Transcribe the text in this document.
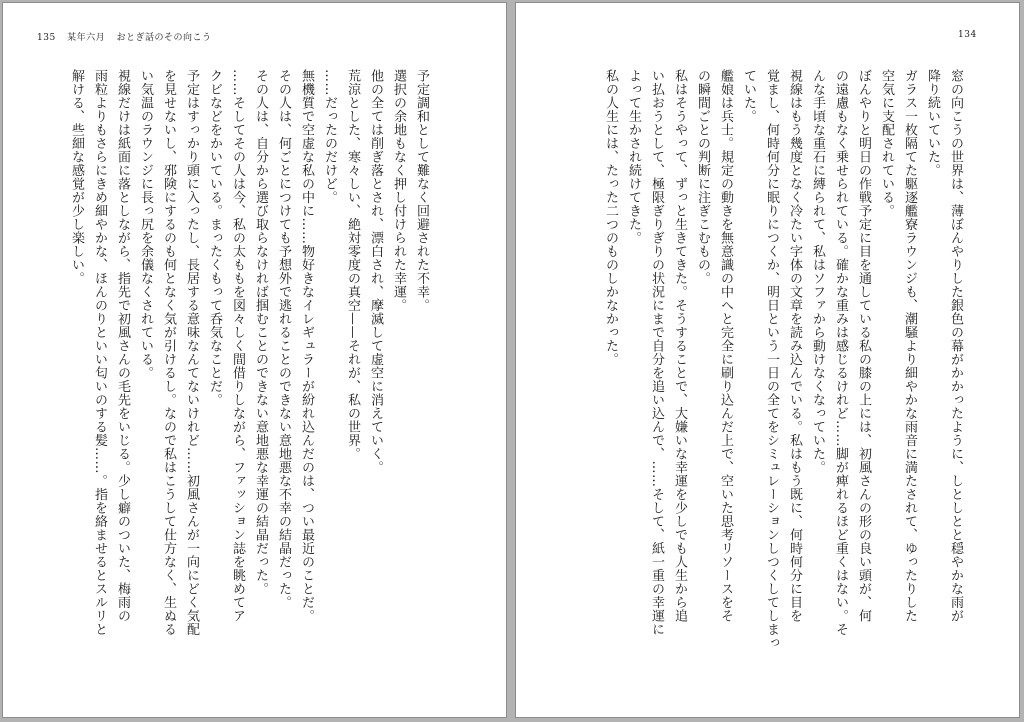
135 某年六月 おとぎ話のその向こう
予定調和として難なく回避された不幸。
選択の余地もなく押し付けられた幸運。
他の全ては削ぎ落とされ、漂白され、摩滅して虚空に消えていく。
荒涼とした、寒々しい、絶対零度の真空——それが、私の世界。
……だったのだけど。
無機質で空虚な私の中に……物好きなイレギュラーが紛れ込んだのは、つい最近のことだ。
その人は、何ごとにつけても予想外で逃れることのできない意地悪な不幸の結晶だった。
その人は、自分から選び取らなければ掴むことのできない意地悪な幸運の結晶だった。
……そしてその人は今、私の太ももを図々しく間借りしながら、ファッション誌を眺めてア
クビなどをかいている。まったくもって呑気なことだ。
予定はすっかり頭に入ったし、長居する意味なんてないけれど……初風さんが一向にどく気配
を見せないし、邪険にするのも何となく気が引けるし。なので私はこうして仕方なく、生ぬる
い気温のラウンジに長っ尻を余儀なくされている。
視線だけは紙面に落としながら、指先で初風さんの毛先をいじる。少し癖のついた、梅雨の
雨粒よりもさらにきめ細やかな、ほんのりといい匂いのする髪……。指を絡ませるとスルリと
解ける、些細な感覚が少し楽しい。
134
窓の向こうの世界は、薄ぼんやりした銀色の幕がかかったように、しとしとと穏やかな雨が
降り続いていた。
ガラス一枚隔てた駆逐艦寮ラウンジも、潮騒より細やかな雨音に満たされて、ゆったりした
空気に支配されている。
ぼんやりと明日の作戦予定に目を通している私の膝の上には、初風さんの形の良い頭が、何
の遠慮もなく乗せられている。確かな重みは感じるけれど……脚が痺れるほど重くはない。そ
んな手頃な重石に縛られて、私はソファから動けなくなっていた。
視線はもう幾度となく冷たい字体の文章を読み込んでいる。私はもう既に、何時何分に目を
覚まし、何時何分に眠りにつくか、明日という一日の全てをシミュレーションしつくしてしまっ
ていた。
艦娘は兵士。規定の動きを無意識の中へと完全に刷り込んだ上で、空いた思考リソースをそ
の瞬間ごとの判断に注ぎこむもの。
私はそうやって、ずっと生きてきた。そうすることで、大嫌いな幸運を少しでも人生から追
い払おうとして、極限ぎりぎりの状況にまで自分を追い込んで、……そして、紙一重の幸運に
よって生かされ続けてきた。
私の人生には、たった二つのものしかなかった。
